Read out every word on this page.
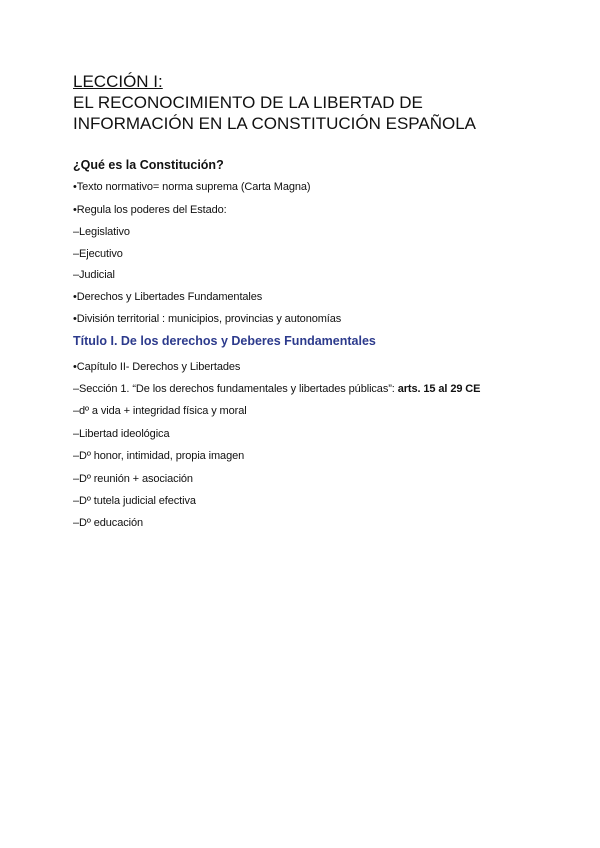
LECCIÓN I:

EL RECONOCIMIENTO DE LA LIBERTAD DE

INFORMACIÓN EN LA CONSTITUCIÓN ESPAÑOLA

¿Qué es la Constitución?

•Texto normativo= norma suprema (Carta Magna)
•Regula los poderes del Estado:
–Legislativo
–Ejecutivo
–Judicial
•Derechos y Libertades Fundamentales
•División territorial : municipios, provincias y autonomías
Título I. De los derechos y Deberes Fundamentales
•Capítulo II- Derechos y Libertades
–Sección 1. “De los derechos fundamentales y libertades públicas”: arts. 15 al 29 CE
–dº a vida + integridad física y moral
–Libertad ideológica
–Dº honor, intimidad, propia imagen
–Dº reunión + asociación
–Dº tutela judicial efectiva
–Dº educación
